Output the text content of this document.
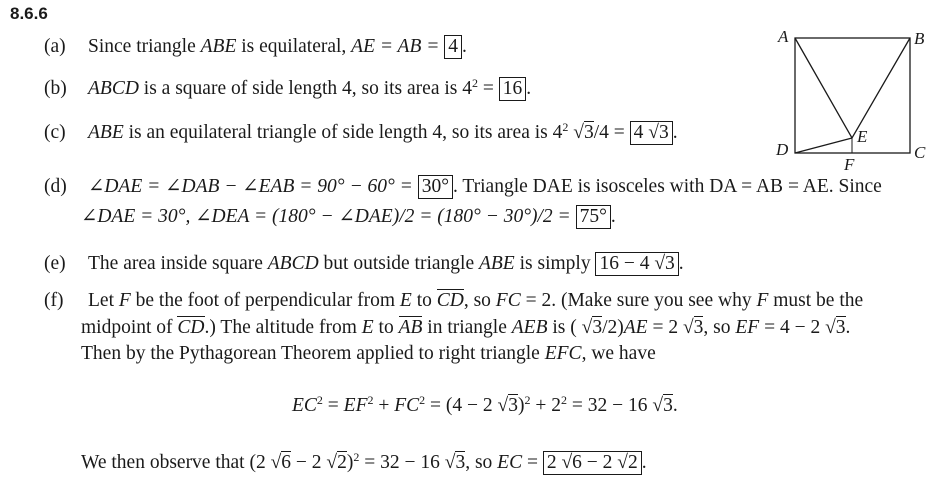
8.6.6
(a) Since triangle ABE is equilateral, AE = AB = 4 .
(b) ABCD is a square of side length 4, so its area is $4^2 = 16$ .
(c) ABE is an equilateral triangle of side length 4, so its area is $4^2$ √3/4 = 4 √3 .
(d) ∠DAE = ∠DAB − ∠EAB = 90° − 60° = 30° . Triangle DAE is isosceles with DA = AB = AE. Since
∠DAE = 30°, ∠DEA = (180° − ∠DAE)/2 = (180° − 30°)/2 = 75° .
(e) The area inside square ABCD but outside triangle ABE is simply 16 − 4 √3 .
(f) Let F be the foot of perpendicular from E to CD, so FC = 2. (Make sure you see why F must be the
midpoint of CD.) The altitude from E to AB in triangle AEB is ( √3/2)AE = 2 √3, so EF = 4 − 2 √3.
Then by the Pythagorean Theorem applied to right triangle EFC, we have
$EC^2 = EF^2 + FC^2 = (4 - 2$ $√3)^2 + 2^2 = 32 - 16$ √3.
We then observe that (2 √6 − 2 √2)$^2$ = 32 − 16 √3, so EC = 2 √6 − 2 √2 .
A	B
C
D
E
F
